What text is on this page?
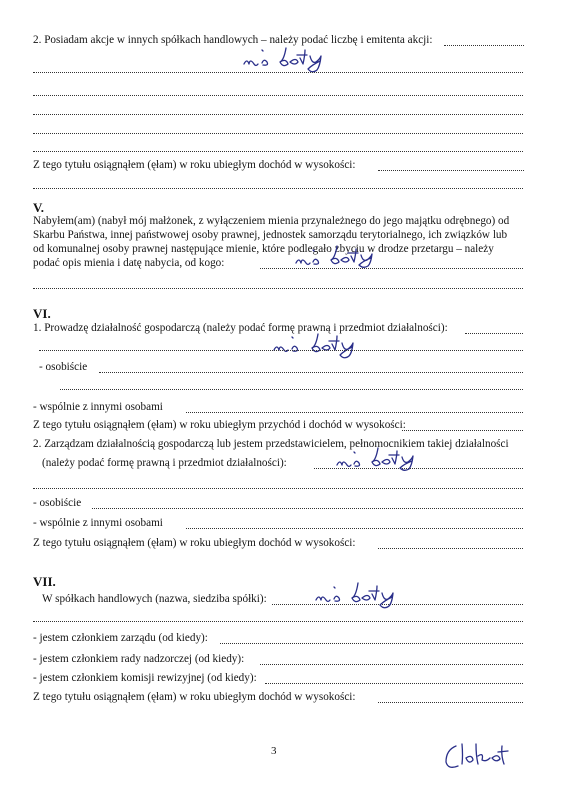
2. Posiadam akcje w innych spółkach handlowych – należy podać liczbę i emitenta akcji:
Z tego tytułu osiągnąłem (ęłam) w roku ubiegłym dochód w wysokości:
V.
Nabyłem(am) (nabył mój małżonek, z wyłączeniem mienia przynależnego do jego majątku odrębnego) od
Skarbu Państwa, innej państwowej osoby prawnej, jednostek samorządu terytorialnego, ich związków lub
od komunalnej osoby prawnej następujące mienie, które podlegało zbyciu w drodze przetargu – należy
podać opis mienia i datę nabycia, od kogo:
VI.
1. Prowadzę działalność gospodarczą (należy podać formę prawną i przedmiot działalności):
- osobiście
- wspólnie z innymi osobami
Z tego tytułu osiągnąłem (ęłam) w roku ubiegłym przychód i dochód w wysokości:
2. Zarządzam działalnością gospodarczą lub jestem przedstawicielem, pełnomocnikiem takiej działalności
(należy podać formę prawną i przedmiot działalności):
- osobiście
- wspólnie z innymi osobami
Z tego tytułu osiągnąłem (ęłam) w roku ubiegłym dochód w wysokości:
VII.
W spółkach handlowych (nazwa, siedziba spółki):
- jestem członkiem zarządu (od kiedy):
- jestem członkiem rady nadzorczej (od kiedy):
- jestem członkiem komisji rewizyjnej (od kiedy):
Z tego tytułu osiągnąłem (ęłam) w roku ubiegłym dochód w wysokości:
3
